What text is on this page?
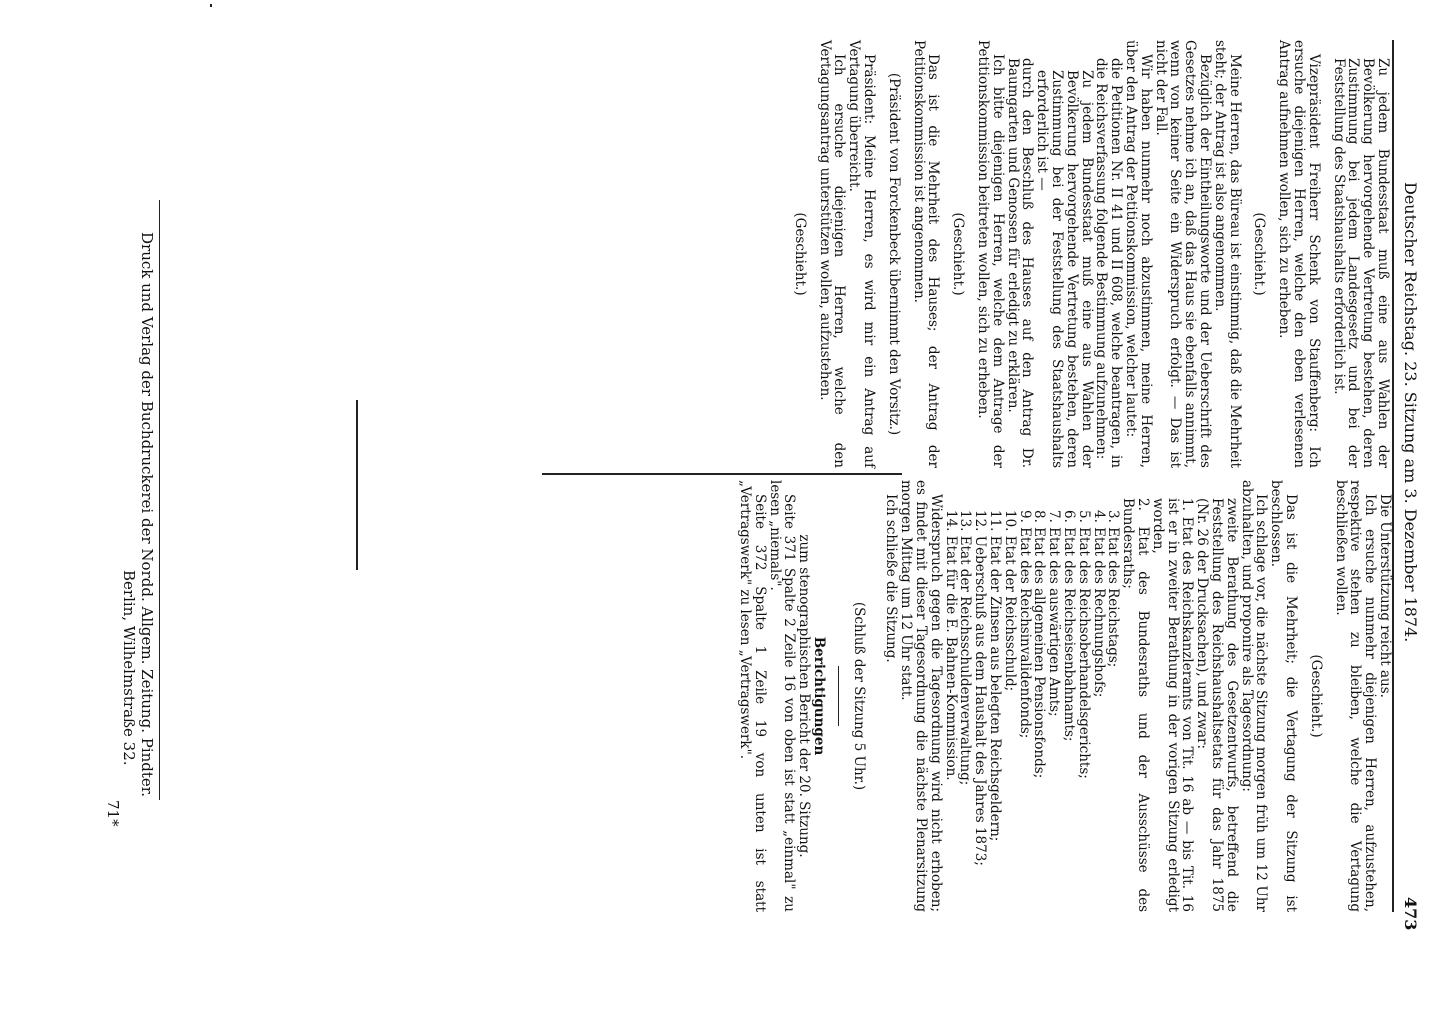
Deutscher Reichstag. 23. Sitzung am 3. Dezember 1874.
473

Zu jedem Bundesstaat muß eine aus Wahlen der Bevölkerung hervorgehende Vertretung bestehen, deren Zustimmung bei jedem Landesgesetz und bei der Feststellung des Staatshaushalts erforderlich ist.

Vizepräsident Freiherr Schenk von Stauffenberg: Ich ersuche diejenigen Herren, welche den eben verlesenen Antrag aufnehmen wollen, sich zu erheben.

(Geschieht.)

Meine Herren, das Büreau ist einstimmig, daß die Mehrheit steht; der Antrag ist also angenommen.

Bezüglich der Eintheilungsworte und der Ueberschrift des Gesetzes nehme ich an, daß das Haus sie ebenfalls annimmt, wenn von keiner Seite ein Widerspruch erfolgt. — Das ist nicht der Fall.

Wir haben nunmehr noch abzustimmen, meine Herren, über den Antrag der Petitionskommission, welcher lautet:

die Petitionen Nr. II 41 und II 608, welche beantragen, in die Reichsverfassung folgende Bestimmung aufzunehmen:

Zu jedem Bundesstaat muß eine aus Wahlen der Bevölkerung hervorgehende Vertretung bestehen, deren Zustimmung bei der Feststellung des Staatshaushalts erforderlich ist —

durch den Beschluß des Hauses auf den Antrag Dr. Baumgarten und Genossen für erledigt zu erklären.

Ich bitte diejenigen Herren, welche dem Antrage der Petitionskommission beitreten wollen, sich zu erheben.

(Geschieht.)

Das ist die Mehrheit des Hauses; der Antrag der Petitionskommission ist angenommen.

(Präsident von Forckenbeck übernimmt den Vorsitz.)

Präsident: Meine Herren, es wird mir ein Antrag auf Vertagung überreicht.

Ich ersuche diejenigen Herren, welche den Vertagungsantrag unterstützen wollen, aufzustehen.

(Geschieht.)

Die Unterstützung reicht aus.

Ich ersuche nunmehr diejenigen Herren, aufzustehen, respektive stehen zu bleiben, welche die Vertagung beschließen wollen.

(Geschieht.)

Das ist die Mehrheit; die Vertagung der Sitzung ist beschlossen.

Ich schlage vor, die nächste Sitzung morgen früh um 12 Uhr abzuhalten, und proponire als Tagesordnung:

zweite Berathung des Gesetzentwurfs, betreffend die Feststellung des Reichshaushaltsetats für das Jahr 1875 (Nr. 26 der Drucksachen), und zwar:

1. Etat des Reichskanzleramts von Tit. 16 ab — bis Tit. 16 ist er in zweiter Berathung in der vorigen Sitzung erledigt worden,

2. Etat des Bundesraths und der Ausschüsse des Bundesraths;

3. Etat des Reichstags;

4. Etat des Rechnungshofs;

5. Etat des Reichsoberhandelsgerichts;

6. Etat des Reichseisenbahnamts;

7. Etat des auswärtigen Amts;

8. Etat des allgemeinen Pensionsfonds;

9. Etat des Reichsinvalidenfonds;

10. Etat der Reichsschuld;

11. Etat der Zinsen aus belegten Reichsgeldern;

12. Ueberschuß aus dem Haushalt des Jahres 1873;

13. Etat der Reichsschuldenverwaltung;

14. Etat für die E. Bahnen-Kommission.

Widerspruch gegen die Tagesordnung wird nicht erhoben; es findet mit dieser Tagesordnung die nächste Plenarsitzung morgen Mittag um 12 Uhr statt.

Ich schließe die Sitzung.

(Schluß der Sitzung 5 Uhr.)

Berichtigungen

zum stenographischen Bericht der 20. Sitzung.

Seite 371 Spalte 2 Zeile 16 von oben ist statt „einmal" zu lesen „niemals".

Seite 372 Spalte 1 Zeile 19 von unten ist statt „Vertragswerk" zu lesen „Vertragswerk".

Druck und Verlag der Buchdruckerei der Nordd. Allgem. Zeitung. Pindter.
Berlin, Wilhelmstraße 32.
71*
